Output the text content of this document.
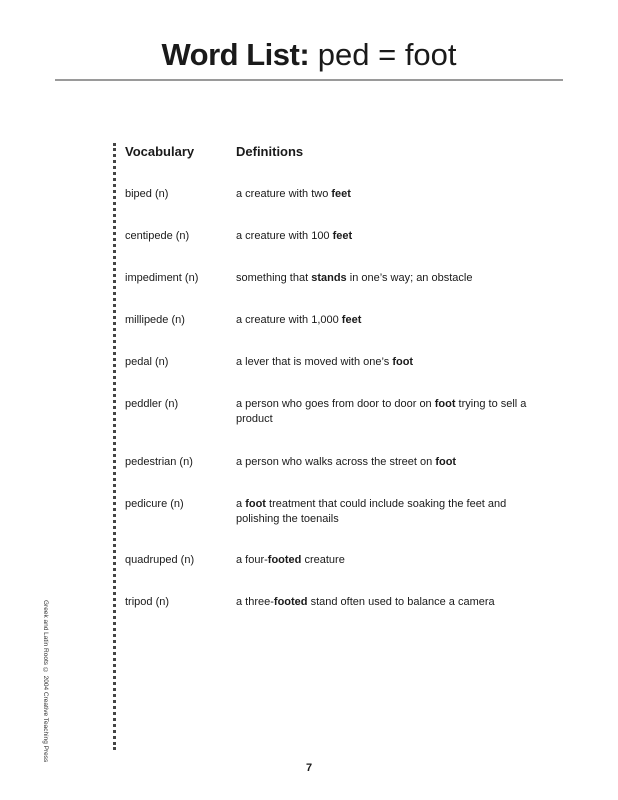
Word List: ped = foot
Greek and Latin Roots © 2004 Creative Teaching Press
Vocabulary	Definitions
biped (n)	a creature with two feet
centipede (n)	a creature with 100 feet
impediment (n)	something that stands in one’s way; an obstacle
millipede (n)	a creature with 1,000 feet
pedal (n)	a lever that is moved with one’s foot
peddler (n)	a person who goes from door to door on foot trying to sell a product
pedestrian (n)	a person who walks across the street on foot
pedicure (n)	a foot treatment that could include soaking the feet and polishing the toenails
quadruped (n)	a four-footed creature
tripod (n)	a three-footed stand often used to balance a camera
7
